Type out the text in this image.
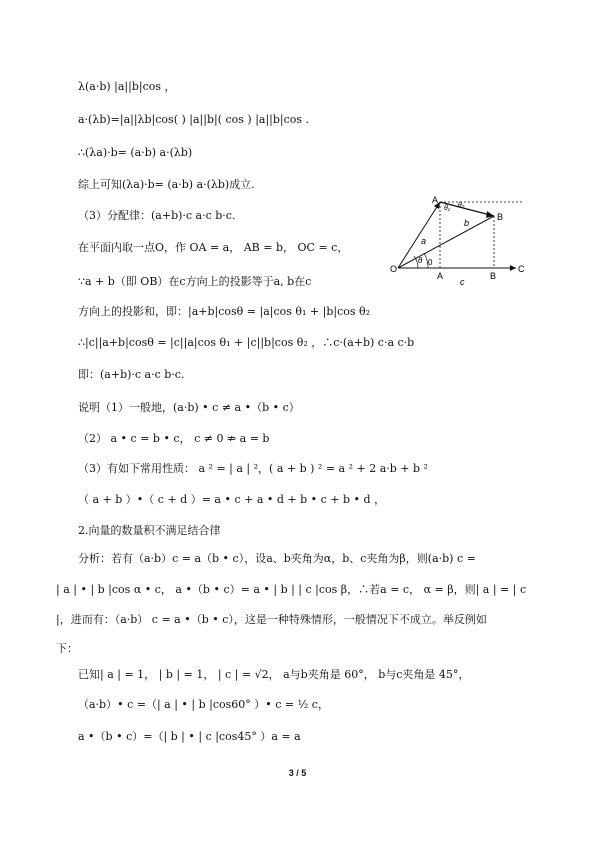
λ(a·b) |a||b|cos ，
a·(λb)=|a||λb|cos( ) |a||b|( cos ) |a||b|cos .
∴(λa)·b= (a·b) a·(λb)
综上可知(λa)·b= (a·b) a·(λb)成立.
（3）分配律：(a+b)·c a·c b·c.
在平面内取一点O，作 OA = a， AB = b， OC = c，
∵a + b（即 OB）在c方向上的投影等于a, b在c
方向上的投影和，即：|a+b|cosθ = |a|cos θ₁ + |b|cos θ₂
∴|c||a+b|cosθ = |c||a|cos θ₁ + |c||b|cos θ₂ ，∴c·(a+b) c·a c·b
即：(a+b)·c a·c b·c.
说明（1）一般地，(a·b) • c ≠ a •（b • c）
（2） a • c = b • c， c ≠ 0 ⇏ a = b
（3）有如下常用性质： a ² = | a | ²，( a + b ) ² = a ² + 2 a·b + b ²
（ a + b ）•（ c + d ）= a • c + a • d + b • c + b • d ，
2.向量的数量积不满足结合律
分析：若有（a·b）c = a（b • c），设a、b夹角为α，b、c夹角为β，则(a·b) c =
| a | • | b |cos α • c， a •（b • c）= a • | b | | c |cos β，∴若a = c， α = β，则| a | = | c
|，进而有：（a·b） c = a •（b • c），这是一种特殊情形，一般情况下不成立。举反例如
下：
已知| a | = 1， | b | = 1， | c | = √2， a与b夹角是 60°， b与c夹角是 45°，
（a·b）• c =（| a | • | b |cos60° ）• c = ½ c，
a •（b • c）=（| b | • | c |cos45° ）a = a
O
A
B
A	B
C
a
b
c
θ 0
θ₁ θ₂
3 / 5
